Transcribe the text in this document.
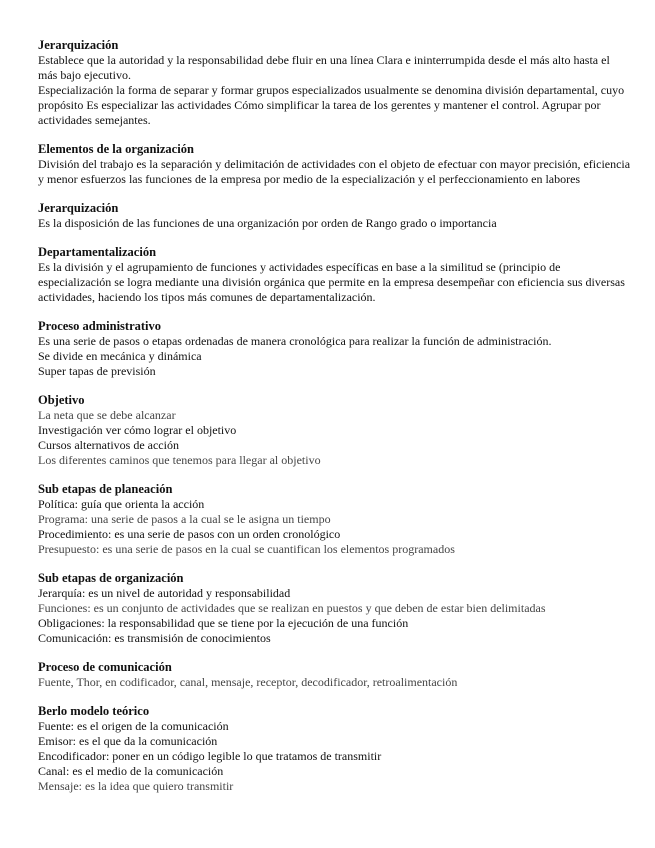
Jerarquización

Establece que la autoridad y la responsabilidad debe fluir en una línea Clara e ininterrumpida desde el más alto hasta el más bajo ejecutivo.

Especialización la forma de separar y formar grupos especializados usualmente se denomina división departamental, cuyo propósito Es especializar las actividades Cómo simplificar la tarea de los gerentes y mantener el control. Agrupar por actividades semejantes.

Elementos de la organización

División del trabajo es la separación y delimitación de actividades con el objeto de efectuar con mayor precisión, eficiencia y menor esfuerzos las funciones de la empresa por medio de la especialización y el perfeccionamiento en labores

Jerarquización

Es la disposición de las funciones de una organización por orden de Rango grado o importancia

Departamentalización

Es la división y el agrupamiento de funciones y actividades específicas en base a la similitud se (principio de especialización se logra mediante una división orgánica que permite en la empresa desempeñar con eficiencia sus diversas actividades, haciendo los tipos más comunes de departamentalización.

Proceso administrativo

Es una serie de pasos o etapas ordenadas de manera cronológica para realizar la función de administración.

Se divide en mecánica y dinámica

Super tapas de previsión

Objetivo

La neta que se debe alcanzar

Investigación ver cómo lograr el objetivo

Cursos alternativos de acción

Los diferentes caminos que tenemos para llegar al objetivo

Sub etapas de planeación

Política: guía que orienta la acción

Programa: una serie de pasos a la cual se le asigna un tiempo

Procedimiento: es una serie de pasos con un orden cronológico

Presupuesto: es una serie de pasos en la cual se cuantifican los elementos programados

Sub etapas de organización

Jerarquía: es un nivel de autoridad y responsabilidad

Funciones: es un conjunto de actividades que se realizan en puestos y que deben de estar bien delimitadas

Obligaciones: la responsabilidad que se tiene por la ejecución de una función

Comunicación: es transmisión de conocimientos

Proceso de comunicación

Fuente, Thor, en codificador, canal, mensaje, receptor, decodificador, retroalimentación

Berlo modelo teórico

Fuente: es el origen de la comunicación

Emisor: es el que da la comunicación

Encodificador: poner en un código legible lo que tratamos de transmitir

Canal: es el medio de la comunicación

Mensaje: es la idea que quiero transmitir
